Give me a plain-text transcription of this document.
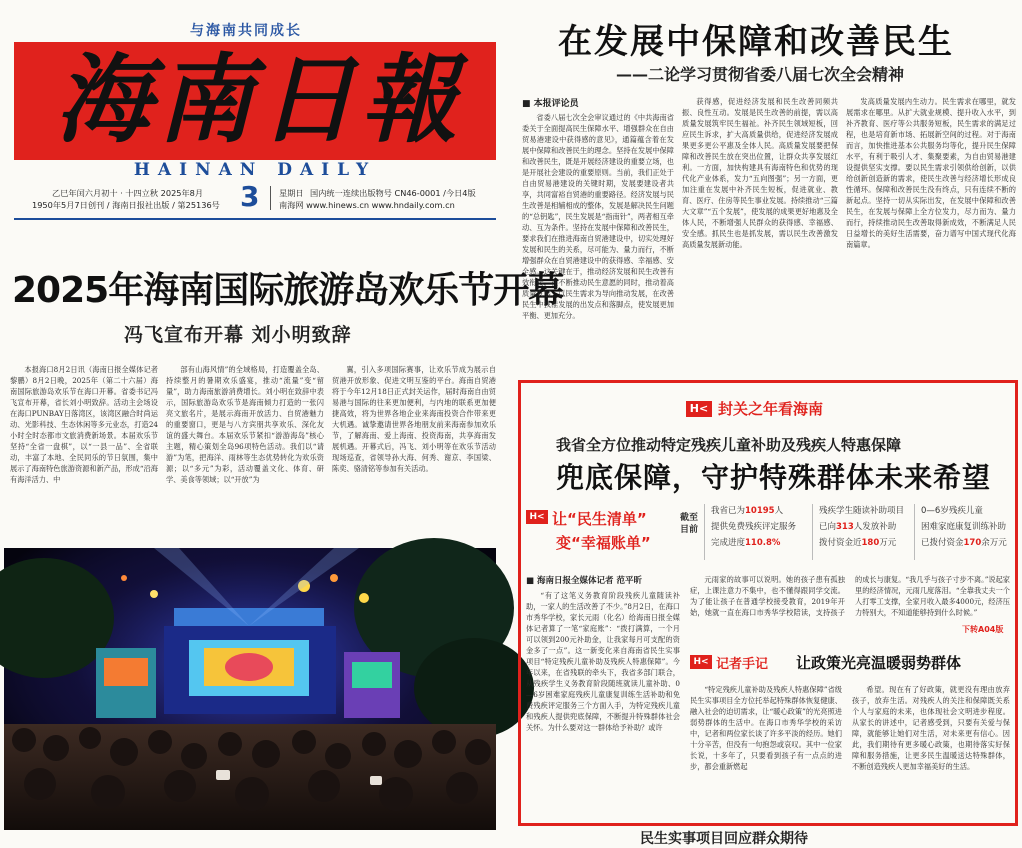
与海南共同成长
海南日報
HAINAN DAILY
乙巳年闰六月初十 · 十四立秋 2025年8月
1950年5月7日创刊 / 海南日报社出版 / 第25136号 3 星期日 国内统一连续出版物号 CN46-0001 /今日4版
南海网 www.hinews.cn www.hndaily.com.cn
2025年海南国际旅游岛欢乐节开幕
冯飞宣布开幕 刘小明致辞

本报海口8月2日讯（海南日报全媒体记者 黎鹏）8月2日晚，2025年（第二十六届）海南国际旅游岛欢乐节在海口开幕。省委书记冯飞宣布开幕，省长刘小明致辞。活动主会场设在海口PUNBAY日落湾区，该湾区融合时尚运动、光影科技、生态休闲等多元业态，打造24小时全时态都市文旅消费新场景。本届欢乐节坚持“全省一盘棋”，以“一县一品”、全省联动，丰富了本地、全民同乐的节日氛围，集中展示了海南特色旅游资源和新产品，形成“沿海有海洋活力、中

部有山海风情”的全域格局，打造覆盖全岛、持续整月的暑期欢乐盛宴，推动“流量”变“留量”，助力海南旅游消费增长。刘小明在致辞中表示，国际旅游岛欢乐节是海南倾力打造的一张闪亮文旅名片，是展示海南开放活力、自贸港魅力的重要窗口，更是与八方宾朋共享欢乐、深化友谊的盛大舞台。本届欢乐节紧扣“游游海岛”核心主题，精心策划全岛96项特色活动。我们以“请游”为笔，把海洋、雨林等生态优势转化为欢乐资源；以“多元”为彩，活动覆盖文化、体育、研学、美食等领域；以“开放”为

翼，引入多项国际赛事，让欢乐节成为展示自贸港开放形象、促进文明互鉴的平台。海南自贸港将于今年12月18日正式封关运作，届时海南自由贸易港与国际的往来更加便利，与内地的联系更加便捷高效，将为世界各地企业来海南投资合作带来更大机遇。诚挚邀请世界各地朋友前来海南参加欢乐节，了解海南、爱上海南、投资海南，共享海南发展机遇。开幕式后，冯飞、刘小明等在欢乐节活动现场巡查，省领导孙大海、何秀、谢京、李国梁、陈奕、骆清铭等参加有关活动。

在发展中保障和改善民生
——二论学习贯彻省委八届七次全会精神
■ 本报评论员

省委八届七次全会审议通过的《中共海南省委关于全面提高民生保障水平、增强群众在自由贸易港建设中获得感的意见》，通篇蕴含着在发展中保障和改善民生的理念。坚持在发展中保障和改善民生，既是开展经济建设的重要立场，也是开展社会建设的重要原则。当前，我们正处于自由贸易港建设的关键时期，发展要建设者共享，共同富裕自贸港的重要路径。经济发展与民生改善是相辅相成的整体，发展是解决民生问题的“总钥匙”，民生发展是“指南针”，两者相互牵动、互为条件。坚持在发展中保障和改善民生，要求我们在推进海南自贸港建设中，切实处理好发展和民生的关系，尽可能为、量力而行，不断增强群众在自贸港建设中的获得感、幸福感、安全感。这关键在于，推动经济发展和民生改善有效衔接，在不断推动民生意愿的同时，推动着高质量发展，以民生需求为导向推动发展，在改善民生中找准发展的出发点和落脚点，使发展更加平衡、更加充分。

获得感，促进经济发展和民生改善同频共振、良性互动。发展是民生改善的前提，需以高质量发展筑牢民生福祉。补齐民生领域短板，回应民生诉求，扩大高质量供给，促进经济发展成果更多更公平惠及全体人民。高质量发展要把保障和改善民生放在突出位置，让群众共享发展红利。一方面，加快构建具有海南特色和优势的现代化产业体系，发力“五向图强”；另一方面，更加注重在发展中补齐民生短板，促进就业、教育、医疗、住房等民生事业发展。持续推动“三篇大文章”“五个发展”，使发展的成果更好地惠及全体人民，不断增强人民群众的获得感、幸福感、安全感。抓民生也是抓发展，需以民生改善激发高质量发展新动能。

发高质量发展内生动力。民生需求在哪里，就发展需求在哪里。从扩大就业规模、提升收入水平，到补齐教育、医疗等公共服务短板，民生需求的满足过程，也是培育新市场、拓展新空间的过程。对于海南而言，加快推进基本公共服务均等化，提升民生保障水平，有利于吸引人才、集聚要素，为自由贸易港建设提供坚实支撑。要以民生需求引领供给创新，以供给创新创造新的需求，使民生改善与经济增长形成良性循环。保障和改善民生没有终点，只有连续不断的新起点。坚持一切从实际出发，在发展中保障和改善民生，在发展与保障上全方位发力，尽力而为、量力而行，持续推动民生改善取得新成效，不断满足人民日益增长的美好生活需要，奋力谱写中国式现代化海南篇章。

H< 封关之年看海南
我省全方位推动特定残疾儿童补助及残疾人特惠保障
兜底保障，守护特殊群体未来希望
H< 让“民生清单”
变“幸福账单”
截至目前
我省已为10195人
提供免费残疾评定服务
完成进度110.8%
残疾学生随读补助项目
已向313人发放补助
拨付资金近180万元
0—6岁残疾儿童
困难家庭康复训练补助
已拨付资金170余万元
■ 海南日报全媒体记者 范平昕

“有了这笔义务教育阶段残疾儿童随读补助，一家人的生活改善了不少。”8月2日，在海口市秀华学校，家长元雨（化名）给海南日报全媒体记者算了一笔“家庭账”：“拨打满算，一个月可以领到200元补助金，让我家每月可支配的资金多了一点”。这一新变化来自海南省民生实事项目“特定残疾儿童补助及残疾人特惠保障”。今年以来，在省残联的牵头下，我省多部门联合，从残疾学生义务教育阶段随班就读儿童补助、0—6岁困难家庭残疾儿童康复训练生活补助和免费残疾评定服务三个方面入手，为特定残疾儿童和残疾人提供兜底保障，不断提升特殊群体社会关怀。为什么要对这一群体给予补助？或许

元雨家的故事可以说明。她的孩子患有孤独症，上课注意力不集中，也不懂得跟同学交流。为了能让孩子在普通学校接受教育，2019年开始，她就一直在海口市秀华学校陪读，支持孩子的成长与康复。“我几乎与孩子寸步不离。”说起家里的经济情况，元雨几度落泪。“全靠我丈夫一个人打零工支撑，全家月收入最多4000元，经济压力特别大，不知道能够持到什么时候。”

下转A04版
H< 记者手记 让政策光亮温暖弱势群体

“特定残疾儿童补助及残疾人特惠保障”省级民生实事项目全方位托举起特殊群体恢复健康、融入社会的迫切需求，让“暖心政策”的光亮照进弱势群体的生活中。在海口市秀华学校的采访中，记者和两位家长谈了许多平淡的经历。她们十分辛苦，但没有一句抱怨或哀叹。其中一位家长说，十多年了，只要看到孩子有一点点的进步，都会重新燃起

希望。现在有了好政策，就更没有理由放弃孩子，放弃生活。对残疾人的关注和保障既关系个人与家庭的未来，也体现社会文明进步程度。从家长的讲述中，记者感受到，只要有关爱与保障，就能够让她们对生活，对未来更有信心。因此，我们期待有更多暖心政策，也期待落实好保障和服务措施，让更多民生温暖送达特殊群体，不断创造残疾人更加幸福美好的生活。

民生实事项目回应群众期待
